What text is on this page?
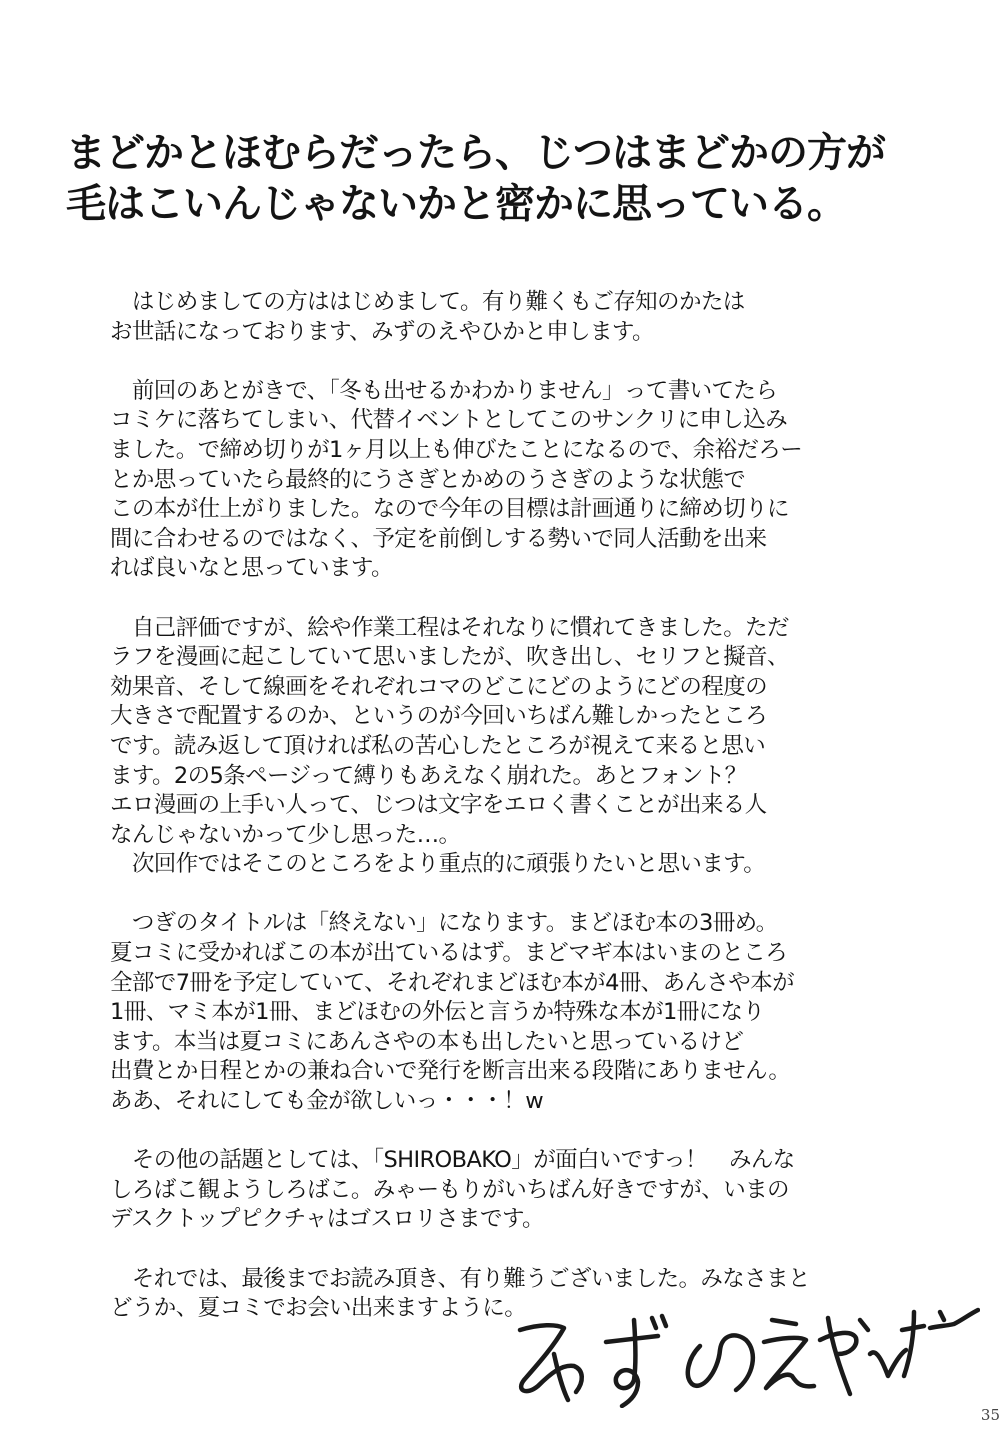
まどかとほむらだったら、じつはまどかの方が
毛はこいんじゃないかと密かに思っている。
　はじめましての方ははじめまして。有り難くもご存知のかたは
お世話になっております、みずのえやひかと申します。
　前回のあとがきで、「冬も出せるかわかりません」って書いてたら
コミケに落ちてしまい、代替イベントとしてこのサンクリに申し込み
ました。で締め切りが1ヶ月以上も伸びたことになるので、余裕だろー
とか思っていたら最終的にうさぎとかめのうさぎのような状態で
この本が仕上がりました。なので今年の目標は計画通りに締め切りに
間に合わせるのではなく、予定を前倒しする勢いで同人活動を出来
れば良いなと思っています。
　自己評価ですが、絵や作業工程はそれなりに慣れてきました。ただ
ラフを漫画に起こしていて思いましたが、吹き出し、セリフと擬音、
効果音、そして線画をそれぞれコマのどこにどのようにどの程度の
大きさで配置するのか、というのが今回いちばん難しかったところ
です。読み返して頂ければ私の苦心したところが視えて来ると思い
ます。2の5条ページって縛りもあえなく崩れた。あとフォント？
エロ漫画の上手い人って、じつは文字をエロく書くことが出来る人
なんじゃないかって少し思った…。
　次回作ではそこのところをより重点的に頑張りたいと思います。
　つぎのタイトルは「終えない」になります。まどほむ本の3冊め。
夏コミに受かればこの本が出ているはず。まどマギ本はいまのところ
全部で7冊を予定していて、それぞれまどほむ本が4冊、あんさや本が
1冊、マミ本が1冊、まどほむの外伝と言うか特殊な本が1冊になり
ます。本当は夏コミにあんさやの本も出したいと思っているけど
出費とか日程とかの兼ね合いで発行を断言出来る段階にありません。
ああ、それにしても金が欲しいっ・・・！w
　その他の話題としては、「SHIROBAKO」が面白いですっ！　みんな
しろばこ観ようしろばこ。みゃーもりがいちばん好きですが、いまの
デスクトップピクチャはゴスロリさまです。
　それでは、最後までお読み頂き、有り難うございました。みなさまと
どうか、夏コミでお会い出来ますように。
35
